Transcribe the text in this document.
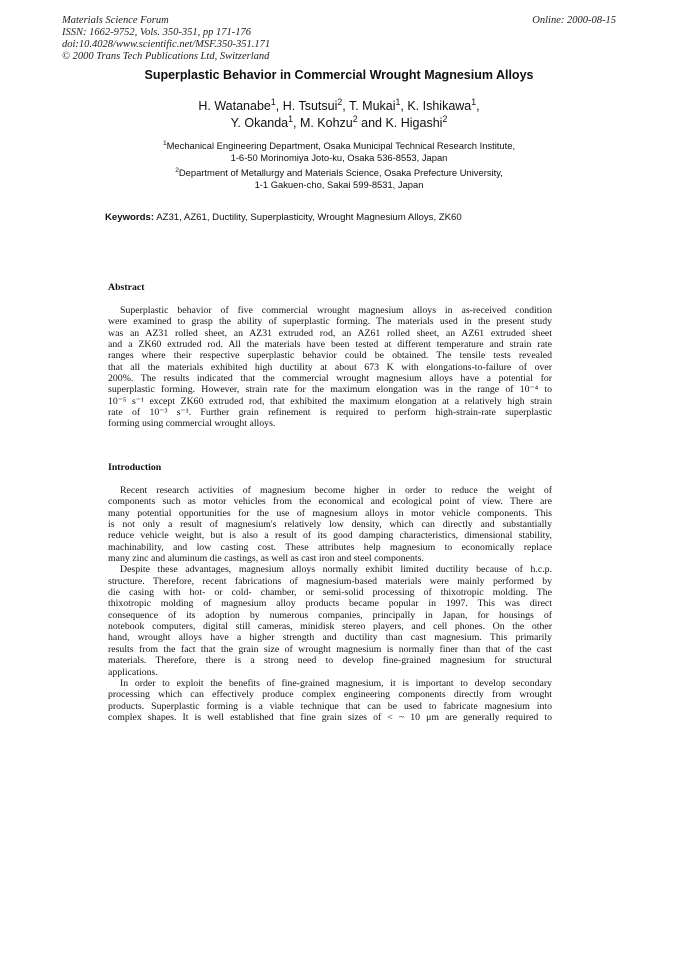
Materials Science Forum
ISSN: 1662-9752, Vols. 350-351, pp 171-176
doi:10.4028/www.scientific.net/MSF.350-351.171
© 2000 Trans Tech Publications Ltd, Switzerland
Online: 2000-08-15
Superplastic Behavior in Commercial Wrought Magnesium Alloys
H. Watanabe$^1$, H. Tsutsui$^2$, T. Mukai$^1$, K. Ishikawa$^1$,
Y. Okanda$^1$, M. Kohzu$^2$ and K. Higashi$^2$
$^1$Mechanical Engineering Department, Osaka Municipal Technical Research Institute,
1-6-50 Morinomiya Joto-ku, Osaka 536-8553, Japan
$^2$Department of Metallurgy and Materials Science, Osaka Prefecture University,
1-1 Gakuen-cho, Sakai 599-8531, Japan
Keywords: AZ31, AZ61, Ductility, Superplasticity, Wrought Magnesium Alloys, ZK60
Abstract
Superplastic behavior of five commercial wrought magnesium alloys in as-received condition
were examined to grasp the ability of superplastic forming. The materials used in the present study
was an AZ31 rolled sheet, an AZ31 extruded rod, an AZ61 rolled sheet, an AZ61 extruded sheet
and a ZK60 extruded rod. All the materials have been tested at different temperature and strain rate
ranges where their respective superplastic behavior could be obtained. The tensile tests revealed
that all the materials exhibited high ductility at about 673 K with elongations-to-failure of over
200%. The results indicated that the commercial wrought magnesium alloys have a potential for
superplastic forming. However, strain rate for the maximum elongation was in the range of 10⁻⁴ to
10⁻⁵ s⁻¹ except ZK60 extruded rod, that exhibited the maximum elongation at a relatively high strain
rate of 10⁻³ s⁻¹. Further grain refinement is required to perform high-strain-rate superplastic
forming using commercial wrought alloys.
Introduction
Recent research activities of magnesium become higher in order to reduce the weight of
components such as motor vehicles from the economical and ecological point of view. There are
many potential opportunities for the use of magnesium alloys in motor vehicle components. This
is not only a result of magnesium's relatively low density, which can directly and substantially
reduce vehicle weight, but is also a result of its good damping characteristics, dimensional stability,
machinability, and low casting cost. These attributes help magnesium to economically replace
many zinc and aluminum die castings, as well as cast iron and steel components.
Despite these advantages, magnesium alloys normally exhibit limited ductility because of h.c.p.
structure. Therefore, recent fabrications of magnesium-based materials were mainly performed by
die casing with hot- or cold- chamber, or semi-solid processing of thixotropic molding. The
thixotropic molding of magnesium alloy products became popular in 1997. This was direct
consequence of its adoption by numerous companies, principally in Japan, for housings of
notebook computers, digital still cameras, minidisk stereo players, and cell phones. On the other
hand, wrought alloys have a higher strength and ductility than cast magnesium. This primarily
results from the fact that the grain size of wrought magnesium is normally finer than that of the cast
materials. Therefore, there is a strong need to develop fine-grained magnesium for structural
applications.
In order to exploit the benefits of fine-grained magnesium, it is important to develop secondary
processing which can effectively produce complex engineering components directly from wrought
products. Superplastic forming is a viable technique that can be used to fabricate magnesium into
complex shapes. It is well established that fine grain sizes of < ~ 10 μm are generally required to
